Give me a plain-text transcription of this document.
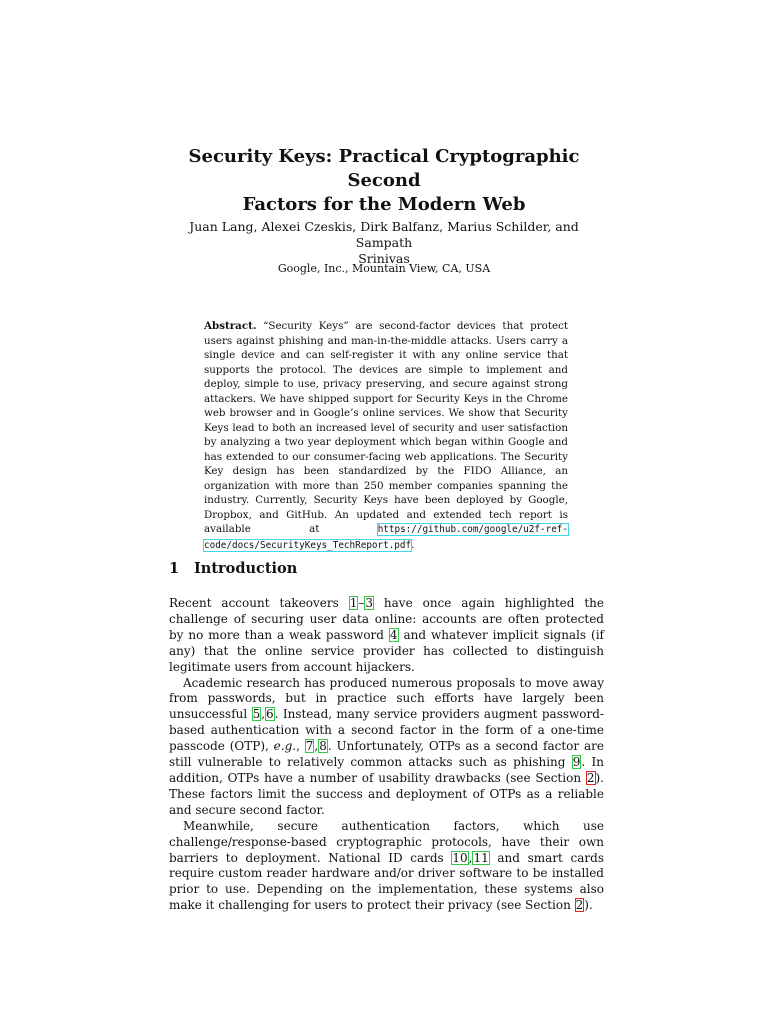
Security Keys: Practical Cryptographic Second
Factors for the Modern Web
Juan Lang, Alexei Czeskis, Dirk Balfanz, Marius Schilder, and Sampath
Srinivas
Google, Inc., Mountain View, CA, USA
Abstract. “Security Keys” are second-factor devices that protect users against phishing and man-in-the-middle attacks. Users carry a single device and can self-register it with any online service that supports the protocol. The devices are simple to implement and deploy, simple to use, privacy preserving, and secure against strong attackers. We have shipped support for Security Keys in the Chrome web browser and in Google’s online services. We show that Security Keys lead to both an increased level of security and user satisfaction by analyzing a two year deployment which began within Google and has extended to our consumer-facing web applications. The Security Key design has been standardized by the FIDO Alliance, an organization with more than 250 member companies spanning the industry. Currently, Security Keys have been deployed by Google, Dropbox, and GitHub. An updated and extended tech report is available at https://github.com/google/u2f-ref-code/docs/SecurityKeys_TechReport.pdf.
1 Introduction

Recent account takeovers 1–3 have once again highlighted the challenge of securing user data online: accounts are often protected by no more than a weak password 4 and whatever implicit signals (if any) that the online service provider has collected to distinguish legitimate users from account hijackers.

Academic research has produced numerous proposals to move away from passwords, but in practice such efforts have largely been unsuccessful 5,6. Instead, many service providers augment password-based authentication with a second factor in the form of a one-time passcode (OTP), e.g., 7,8. Unfortunately, OTPs as a second factor are still vulnerable to relatively common attacks such as phishing 9. In addition, OTPs have a number of usability drawbacks (see Section 2). These factors limit the success and deployment of OTPs as a reliable and secure second factor.

Meanwhile, secure authentication factors, which use challenge/response-based cryptographic protocols, have their own barriers to deployment. National ID cards 10,11 and smart cards require custom reader hardware and/or driver software to be installed prior to use. Depending on the implementation, these systems also make it challenging for users to protect their privacy (see Section 2).
